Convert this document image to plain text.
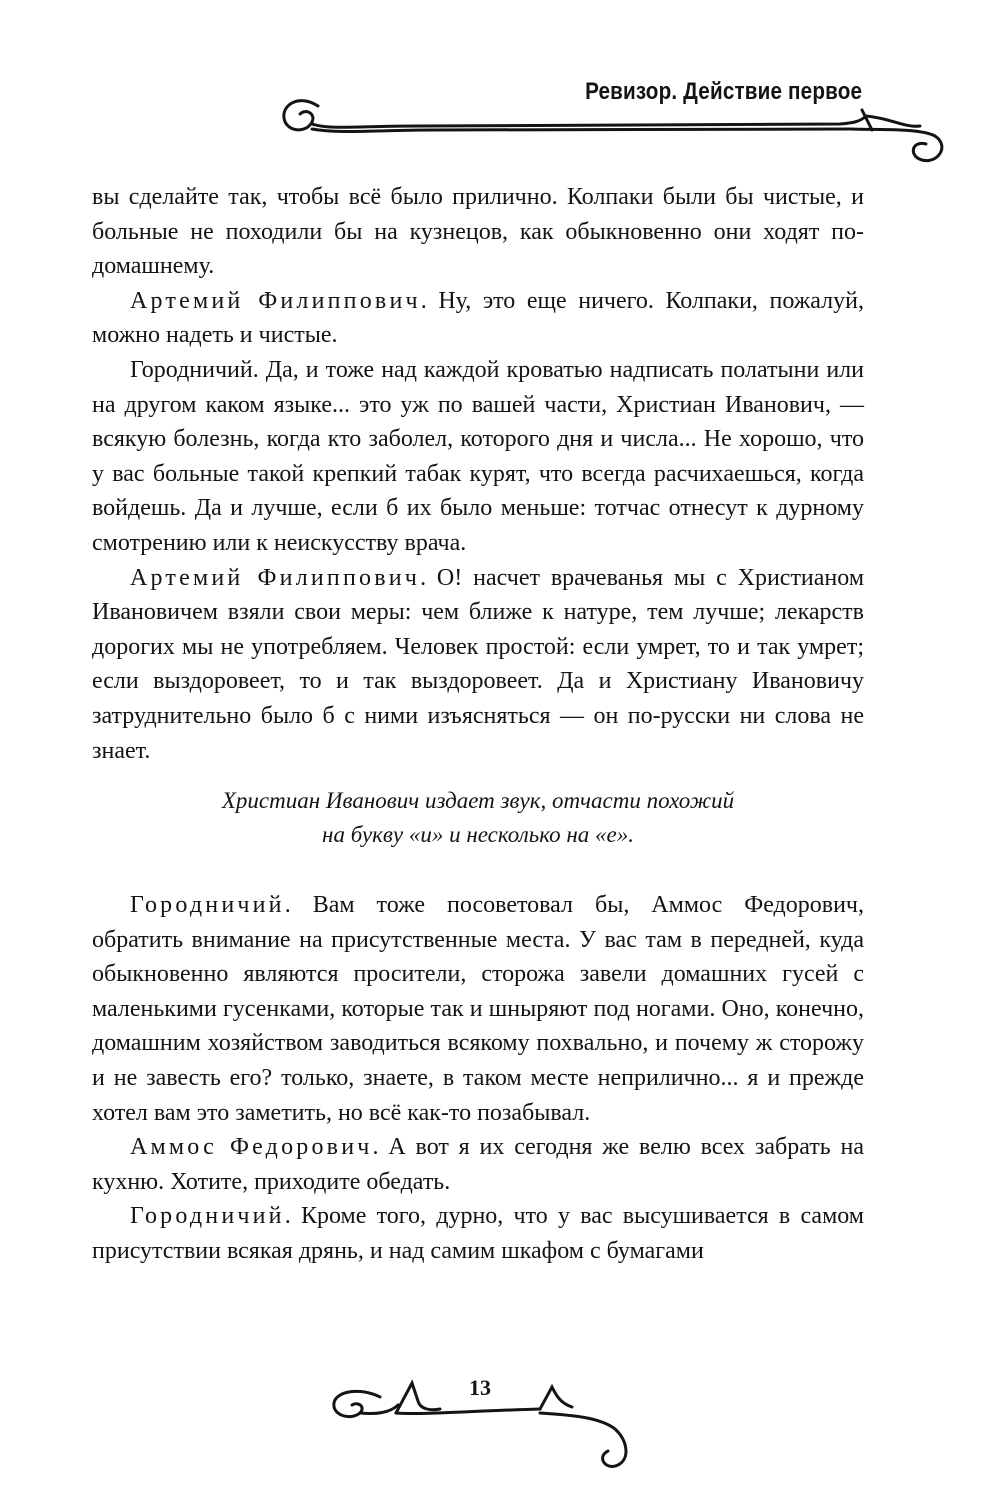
Ревизор. Действие первое

вы сделайте так, чтобы всё было прилично. Колпаки были бы чистые, и больные не походили бы на кузнецов, как обыкновенно они ходят по-домашнему.

Артемий Филиппович. Ну, это еще ничего. Колпаки, пожалуй, можно надеть и чистые.

Городничий. Да, и тоже над каждой кроватью надписать полатыни или на другом каком языке... это уж по вашей части, Христиан Иванович, — всякую болезнь, когда кто заболел, которого дня и числа... Не хорошо, что у вас больные такой крепкий табак курят, что всегда расчихаешься, когда войдешь. Да и лучше, если б их было меньше: тотчас отнесут к дурному смотрению или к неискусству врача.

Артемий Филиппович. О! насчет врачеванья мы с Христианом Ивановичем взяли свои меры: чем ближе к натуре, тем лучше; лекарств дорогих мы не употребляем. Человек простой: если умрет, то и так умрет; если выздоровеет, то и так выздоровеет. Да и Христиану Ивановичу затруднительно было б с ними изъясняться — он по-русски ни слова не знает.

Христиан Иванович издает звук, отчасти похожий
на букву «и» и несколько на «е».

Городничий. Вам тоже посоветовал бы, Аммос Федорович, обратить внимание на присутственные места. У вас там в передней, куда обыкновенно являются просители, сторожа завели домашних гусей с маленькими гусенками, которые так и шныряют под ногами. Оно, конечно, домашним хозяйством заводиться всякому похвально, и почему ж сторожу и не завесть его? только, знаете, в таком месте неприлично... я и прежде хотел вам это заметить, но всё как-то позабывал.

Аммос Федорович. А вот я их сегодня же велю всех забрать на кухню. Хотите, приходите обедать.

Городничий. Кроме того, дурно, что у вас высушивается в самом присутствии всякая дрянь, и над самим шкафом с бумагами

13
